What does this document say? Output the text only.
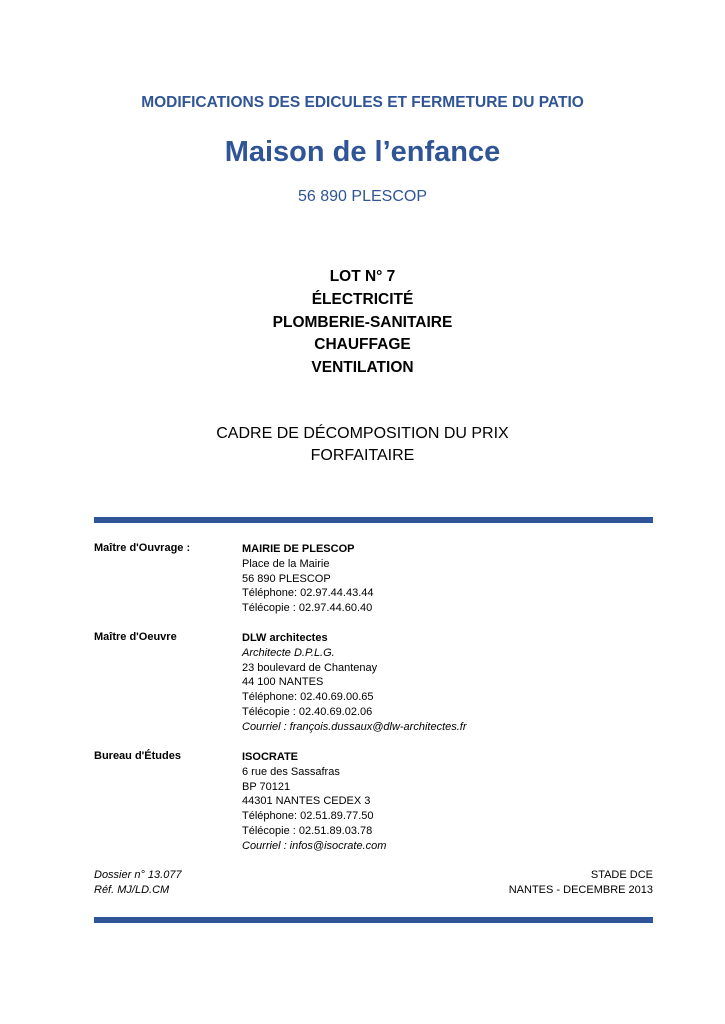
MODIFICATIONS DES EDICULES ET FERMETURE DU PATIO
Maison de l’enfance
56 890 PLESCOP
LOT N° 7
ÉLECTRICITÉ
PLOMBERIE-SANITAIRE
CHAUFFAGE
VENTILATION
CADRE DE DÉCOMPOSITION DU PRIX
FORFAITAIRE
Maître d'Ouvrage :	MAIRIE DE PLESCOP
Place de la Mairie
56 890 PLESCOP
Téléphone: 02.97.44.43.44
Télécopie : 02.97.44.60.40
Maître d'Oeuvre	DLW architectes
Architecte D.P.L.G.
23 boulevard de Chantenay
44 100 NANTES
Téléphone: 02.40.69.00.65
Télécopie : 02.40.69.02.06
Courriel : françois.dussaux@dlw-architectes.fr
Bureau d'Études	ISOCRATE
6 rue des Sassafras
BP 70121
44301 NANTES CEDEX 3
Téléphone: 02.51.89.77.50
Télécopie : 02.51.89.03.78
Courriel : infos@isocrate.com
Dossier n° 13.077
Réf. MJ/LD.CM
STADE DCE
NANTES - DECEMBRE 2013
